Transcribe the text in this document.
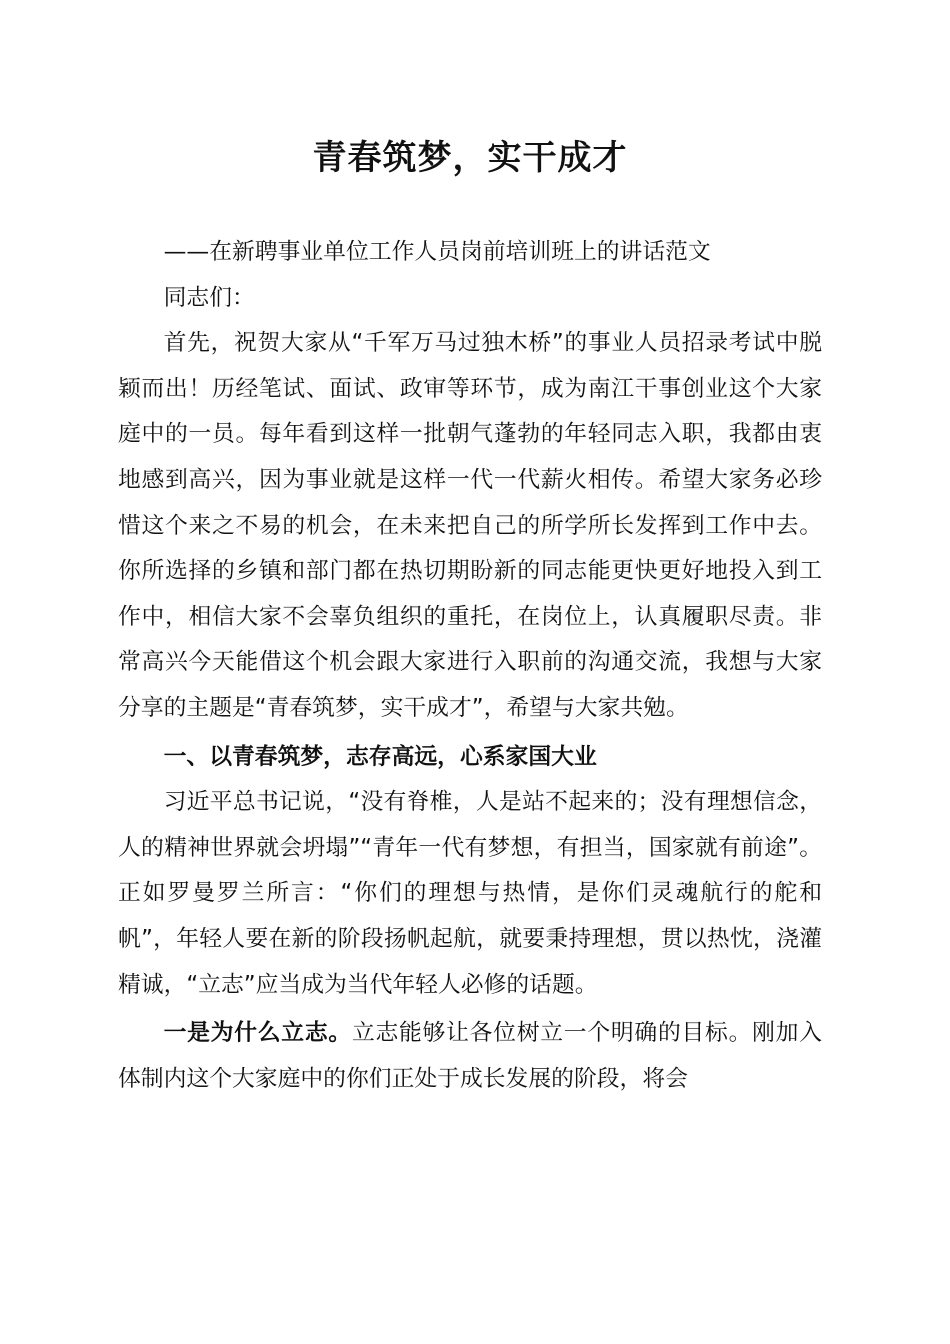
青春筑梦，实干成才

——在新聘事业单位工作人员岗前培训班上的讲话范文

同志们：

首先，祝贺大家从“千军万马过独木桥”的事业人员招录考试中脱颖而出！历经笔试、面试、政审等环节，成为南江干事创业这个大家庭中的一员。每年看到这样一批朝气蓬勃的年轻同志入职，我都由衷地感到高兴，因为事业就是这样一代一代薪火相传。希望大家务必珍惜这个来之不易的机会，在未来把自己的所学所长发挥到工作中去。你所选择的乡镇和部门都在热切期盼新的同志能更快更好地投入到工作中，相信大家不会辜负组织的重托，在岗位上，认真履职尽责。非常高兴今天能借这个机会跟大家进行入职前的沟通交流，我想与大家分享的主题是“青春筑梦，实干成才”，希望与大家共勉。

一、以青春筑梦，志存高远，心系家国大业

习近平总书记说，“没有脊椎，人是站不起来的；没有理想信念，人的精神世界就会坍塌”“青年一代有梦想，有担当，国家就有前途”。正如罗曼罗兰所言：“你们的理想与热情，是你们灵魂航行的舵和帆”，年轻人要在新的阶段扬帆起航，就要秉持理想，贯以热忱，浇灌精诚，“立志”应当成为当代年轻人必修的话题。

一是为什么立志。立志能够让各位树立一个明确的目标。刚加入体制内这个大家庭中的你们正处于成长发展的阶段，将会
